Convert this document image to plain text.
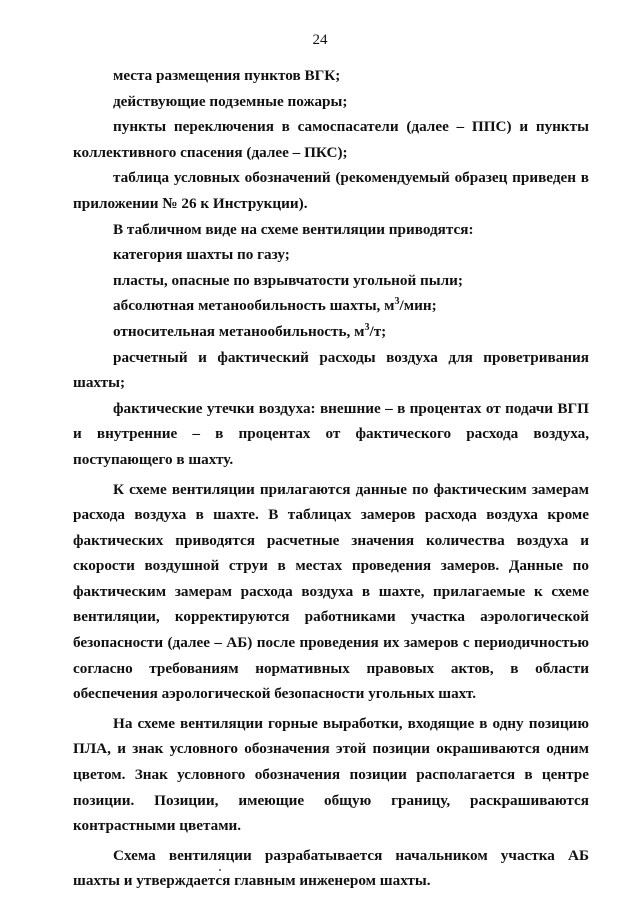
24

места размещения пунктов ВГК;

действующие подземные пожары;

пункты переключения в самоспасатели (далее – ППС) и пункты коллективного спасения (далее – ПКС);

таблица условных обозначений (рекомендуемый образец приведен в приложении № 26 к Инструкции).

В табличном виде на схеме вентиляции приводятся:

категория шахты по газу;

пласты, опасные по взрывчатости угольной пыли;

абсолютная метанообильность шахты, $м^3$/мин;

относительная метанообильность, $м^3/т$;

расчетный и фактический расходы воздуха для проветривания шахты;

фактические утечки воздуха: внешние – в процентах от подачи ВГП и внутренние – в процентах от фактического расхода воздуха, поступающего в шахту.

К схеме вентиляции прилагаются данные по фактическим замерам расхода воздуха в шахте. В таблицах замеров расхода воздуха кроме фактических приводятся расчетные значения количества воздуха и скорости воздушной струи в местах проведения замеров. Данные по фактическим замерам расхода воздуха в шахте, прилагаемые к схеме вентиляции, корректируются работниками участка аэрологической безопасности (далее – АБ) после проведения их замеров с периодичностью согласно требованиям нормативных правовых актов, в области обеспечения аэрологической безопасности угольных шахт.

На схеме вентиляции горные выработки, входящие в одну позицию ПЛА, и знак условного обозначения этой позиции окрашиваются одним цветом. Знак условного обозначения позиции располагается в центре позиции. Позиции, имеющие общую границу, раскрашиваются контрастными цветами.

Схема вентиляции разрабатывается начальником участка АБ шахты и утверждается главным инженером шахты.
